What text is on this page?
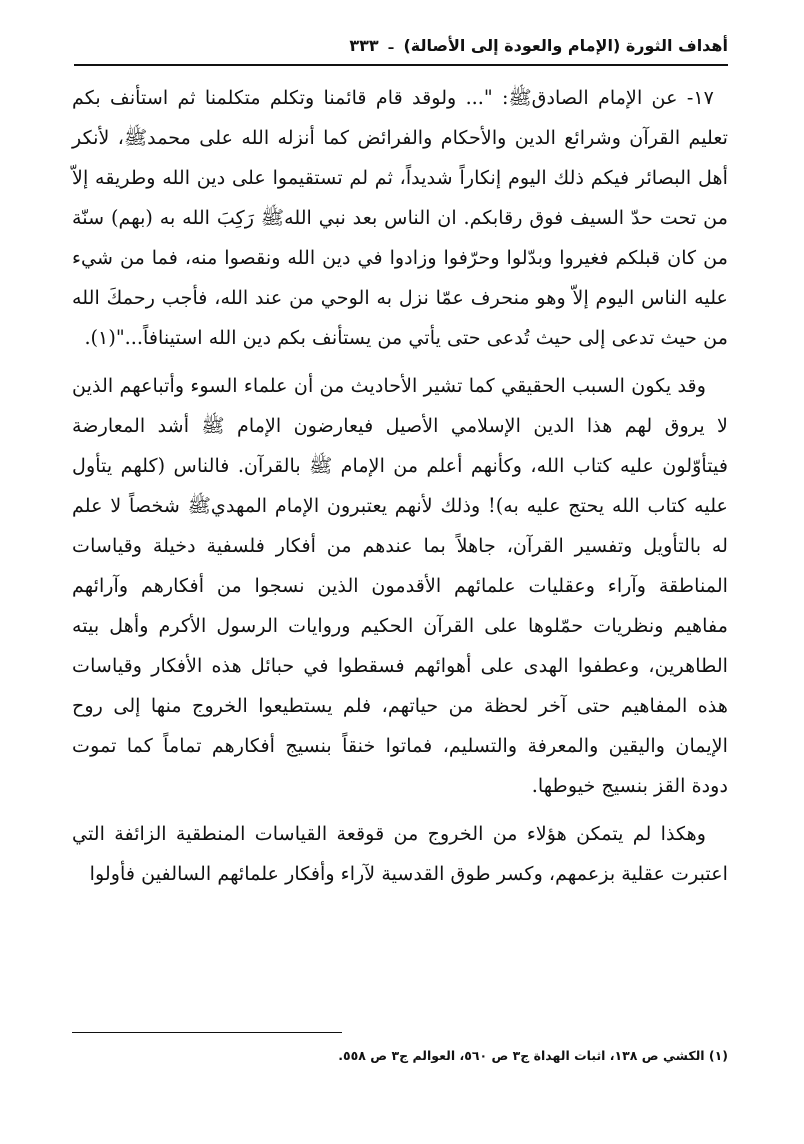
أهداف الثورة (الإمام والعودة إلى الأصالة)
ـ
٣٣٣

١٧- عن الإمام الصادقﷺ: "... ولوقد قام قائمنا وتكلم متكلمنا ثم استأنف بكم تعليم القرآن وشرائع الدين والأحكام والفرائض كما أنزله الله على محمدﷺ، لأنكر أهل البصائر فيكم ذلك اليوم إنكاراً شديداً، ثم لم تستقيموا على دين الله وطريقه إلاّ من تحت حدّ السيف فوق رقابكم. ان الناس بعد نبي اللهﷺ رَكِبَ الله به (بهم) سنّة من كان قبلكم فغيروا وبدّلوا وحرّفوا وزادوا في دين الله ونقصوا منه، فما من شيء عليه الناس اليوم إلاّ وهو منحرف عمّا نزل به الوحي من عند الله، فأجب رحمكَ الله من حيث تدعى إلى حيث تُدعى حتى يأتي من يستأنف بكم دين الله استينافاً..."(١).

وقد يكون السبب الحقيقي كما تشير الأحاديث من أن علماء السوء وأتباعهم الذين لا يروق لهم هذا الدين الإسلامي الأصيل فيعارضون الإمام ﷺ أشد المعارضة فيتأوّلون عليه كتاب الله، وكأنهم أعلم من الإمام ﷺ بالقرآن. فالناس (كلهم يتأول عليه كتاب الله يحتج عليه به)! وذلك لأنهم يعتبرون الإمام المهديﷺ شخصاً لا علم له بالتأويل وتفسير القرآن، جاهلاً بما عندهم من أفكار فلسفية دخيلة وقياسات المناطقة وآراء وعقليات علمائهم الأقدمون الذين نسجوا من أفكارهم وآرائهم مفاهيم ونظريات حمّلوها على القرآن الحكيم وروايات الرسول الأكرم وأهل بيته الطاهرين، وعطفوا الهدى على أهوائهم فسقطوا في حبائل هذه الأفكار وقياسات هذه المفاهيم حتى آخر لحظة من حياتهم، فلم يستطيعوا الخروج منها إلى روح الإيمان واليقين والمعرفة والتسليم، فماتوا خنقاً بنسيج أفكارهم تماماً كما تموت دودة القز بنسيج خيوطها.

وهكذا لم يتمكن هؤلاء من الخروج من قوقعة القياسات المنطقية الزائفة التي اعتبرت عقلية بزعمهم، وكسر طوق القدسية لآراء وأفكار علمائهم السالفين فأولوا

(١) الكشي ص ١٣٨، اثبات الهداة ج٣ ص ٥٦٠، العوالم ج٣ ص ٥٥٨.
